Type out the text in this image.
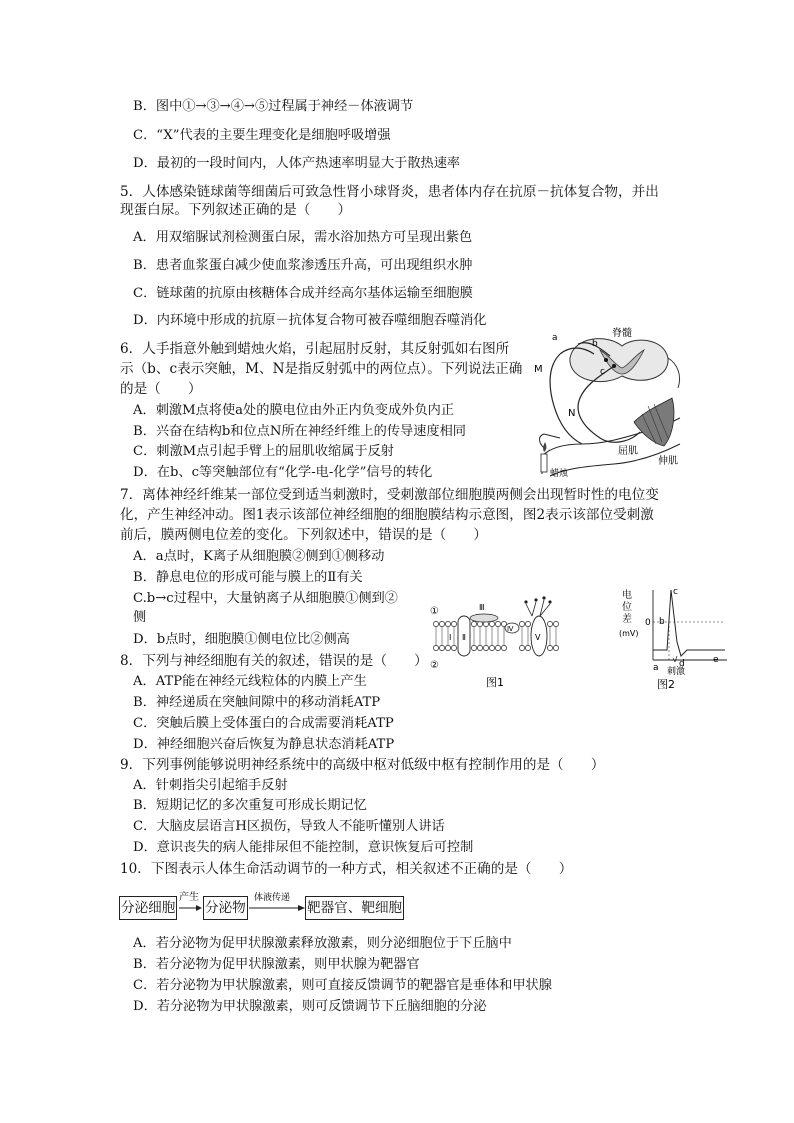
B．图中①→③→④→⑤过程属于神经－体液调节
C．“X”代表的主要生理变化是细胞呼吸增强
D．最初的一段时间内，人体产热速率明显大于散热速率
5．人体感染链球菌等细菌后可致急性肾小球肾炎，患者体内存在抗原－抗体复合物，并出
现蛋白尿。下列叙述正确的是（　　）
A．用双缩脲试剂检测蛋白尿，需水浴加热方可呈现出紫色
B．患者血浆蛋白减少使血浆渗透压升高，可出现组织水肿
C．链球菌的抗原由核糖体合成并经高尔基体运输至细胞膜
D．内环境中形成的抗原－抗体复合物可被吞噬细胞吞噬消化
6．人手指意外触到蜡烛火焰，引起屈肘反射，其反射弧如右图所
示（b、c表示突触，M、N是指反射弧中的两位点）。下列说法正确
的是（　　）
A．刺激M点将使a处的膜电位由外正内负变成外负内正
B．兴奋在结构b和位点N所在神经纤维上的传导速度相同
C．刺激M点引起手臂上的屈肌收缩属于反射
D．在b、c等突触部位有“化学-电-化学”信号的转化
脊髓
a
b
c
M
N
屈肌
伸肌
蜡烛
7．离体神经纤维某一部位受到适当刺激时，受刺激部位细胞膜两侧会出现暂时性的电位变
化，产生神经冲动。图1表示该部位神经细胞的细胞膜结构示意图，图2表示该部位受刺激
前后，膜两侧电位差的变化。下列叙述中，错误的是（　　）
A．a点时，K离子从细胞膜②侧到①侧移动
B．静息电位的形成可能与膜上的Ⅱ有关
C.b→c过程中，大量钠离子从细胞膜①侧到②
侧
D．b点时，细胞膜①侧电位比②侧高
①
②
Ⅰ Ⅱ
Ⅲ
Ⅳ
Ⅴ
图1
电
位
差
(mV)
0
a
b
c
d	e
刺激
图2
8．下列与神经细胞有关的叙述，错误的是（　　）
A．ATP能在神经元线粒体的内膜上产生
B．神经递质在突触间隙中的移动消耗ATP
C．突触后膜上受体蛋白的合成需要消耗ATP
D．神经细胞兴奋后恢复为静息状态消耗ATP
9．下列事例能够说明神经系统中的高级中枢对低级中枢有控制作用的是（　　）
A．针刺指尖引起缩手反射
B．短期记忆的多次重复可形成长期记忆
C．大脑皮层语言H区损伤，导致人不能听懂别人讲话
D．意识丧失的病人能排尿但不能控制，意识恢复后可控制
10．下图表示人体生命活动调节的一种方式，相关叙述不正确的是（　　）
分泌细胞
产生
分泌物
体液传递
靶器官、靶细胞
A．若分泌物为促甲状腺激素释放激素，则分泌细胞位于下丘脑中
B．若分泌物为促甲状腺激素，则甲状腺为靶器官
C．若分泌物为甲状腺激素，则可直接反馈调节的靶器官是垂体和甲状腺
D．若分泌物为甲状腺激素，则可反馈调节下丘脑细胞的分泌
